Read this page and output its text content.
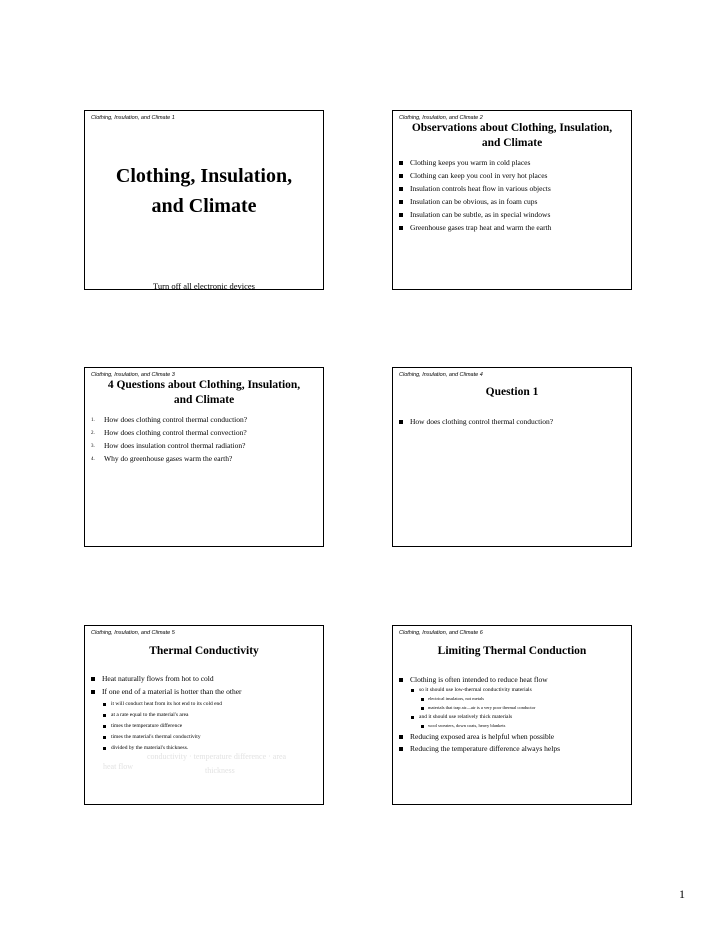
Clothing, Insulation, and Climate 1
Clothing, Insulation,
and Climate
Turn off all electronic devices
Clothing, Insulation, and Climate 2
Observations about Clothing, Insulation,
and Climate
Clothing keeps you warm in cold places
Clothing can keep you cool in very hot places
Insulation controls heat flow in various objects
Insulation can be obvious, as in foam cups
Insulation can be subtle, as in special windows
Greenhouse gases trap heat and warm the earth
Clothing, Insulation, and Climate 3
4 Questions about Clothing, Insulation,
and Climate
1. How does clothing control thermal conduction?
2. How does clothing control thermal convection?
3. How does insulation control thermal radiation?
4. Why do greenhouse gases warm the earth?
Clothing, Insulation, and Climate 4
Question 1
How does clothing control thermal conduction?
Clothing, Insulation, and Climate 5
Thermal Conductivity
Heat naturally flows from hot to cold
If one end of a material is hotter than the other
it will conduct heat from its hot end to its cold end
at a rate equal to the material's area
times the temperature difference
times the material's thermal conductivity
divided by the material's thickness.
heat flow
conductivity · temperature difference · area
thickness
Clothing, Insulation, and Climate 6
Limiting Thermal Conduction
Clothing is often intended to reduce heat flow
so it should use low-thermal conductivity materials
electrical insulators, not metals
materials that trap air—air is a very poor thermal conductor
and it should use relatively thick materials
wool sweaters, down coats, heavy blankets
Reducing exposed area is helpful when possible
Reducing the temperature difference always helps
1
